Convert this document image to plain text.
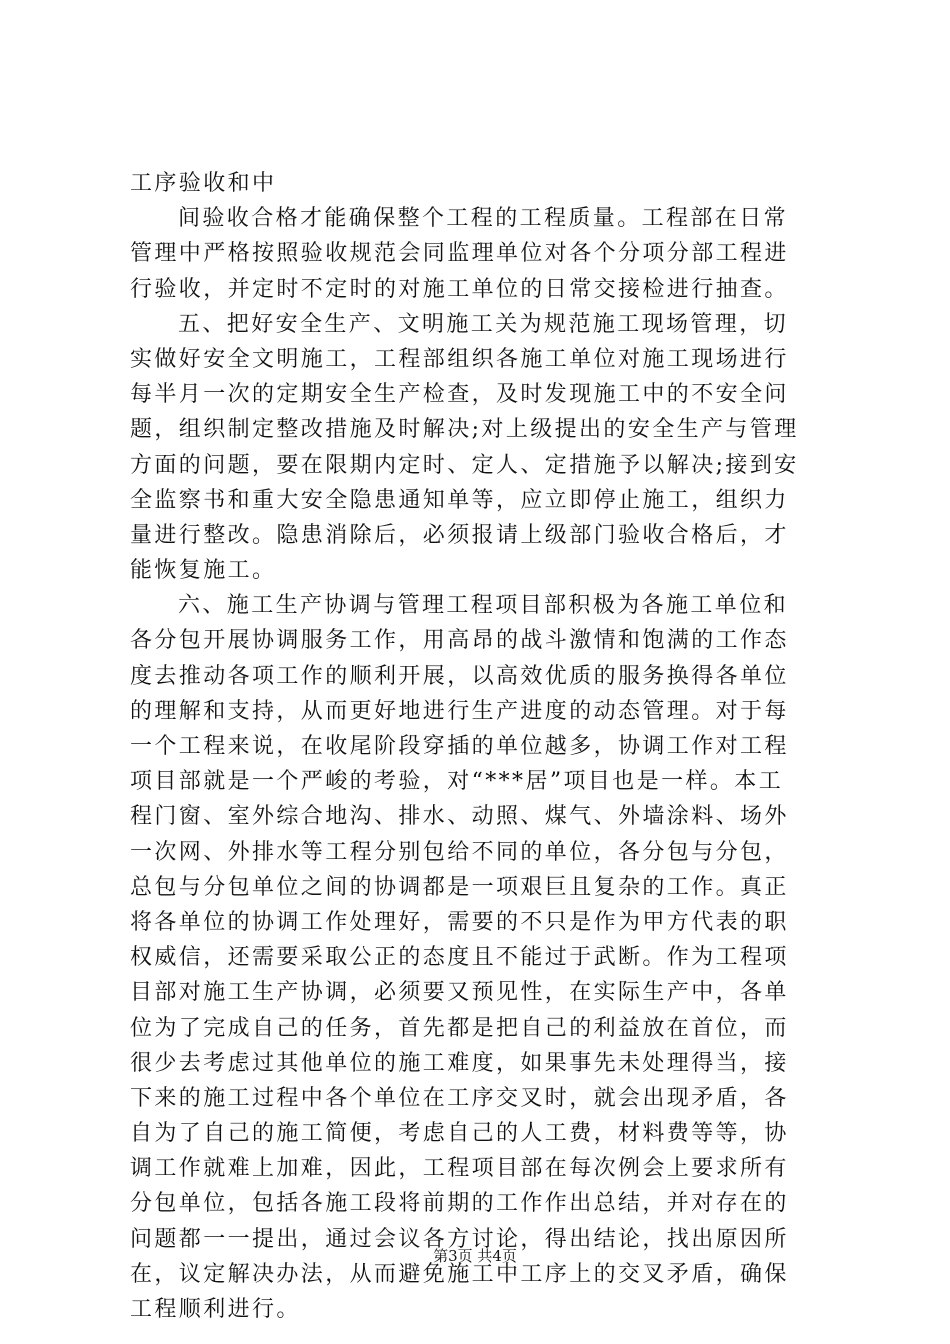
工序验收和中
间验收合格才能确保整个工程的工程质量。工程部在日常
管理中严格按照验收规范会同监理单位对各个分项分部工程进
行验收，并定时不定时的对施工单位的日常交接检进行抽查。
五、把好安全生产、文明施工关为规范施工现场管理，切
实做好安全文明施工，工程部组织各施工单位对施工现场进行
每半月一次的定期安全生产检查，及时发现施工中的不安全问
题，组织制定整改措施及时解决;对上级提出的安全生产与管理
方面的问题，要在限期内定时、定人、定措施予以解决;接到安
全监察书和重大安全隐患通知单等，应立即停止施工，组织力
量进行整改。隐患消除后，必须报请上级部门验收合格后，才
能恢复施工。
六、施工生产协调与管理工程项目部积极为各施工单位和
各分包开展协调服务工作，用高昂的战斗激情和饱满的工作态
度去推动各项工作的顺利开展，以高效优质的服务换得各单位
的理解和支持，从而更好地进行生产进度的动态管理。对于每
一个工程来说，在收尾阶段穿插的单位越多，协调工作对工程
项目部就是一个严峻的考验，对“***居”项目也是一样。本工
程门窗、室外综合地沟、排水、动照、煤气、外墙涂料、场外
一次网、外排水等工程分别包给不同的单位，各分包与分包，
总包与分包单位之间的协调都是一项艰巨且复杂的工作。真正
将各单位的协调工作处理好，需要的不只是作为甲方代表的职
权威信，还需要采取公正的态度且不能过于武断。作为工程项
目部对施工生产协调，必须要又预见性，在实际生产中，各单
位为了完成自己的任务，首先都是把自己的利益放在首位，而
很少去考虑过其他单位的施工难度，如果事先未处理得当，接
下来的施工过程中各个单位在工序交叉时，就会出现矛盾，各
自为了自己的施工简便，考虑自己的人工费，材料费等等，协
调工作就难上加难，因此，工程项目部在每次例会上要求所有
分包单位，包括各施工段将前期的工作作出总结，并对存在的
问题都一一提出，通过会议各方讨论，得出结论，找出原因所
在，议定解决办法，从而避免施工中工序上的交叉矛盾，确保
工程顺利进行。
第3页 共4页
